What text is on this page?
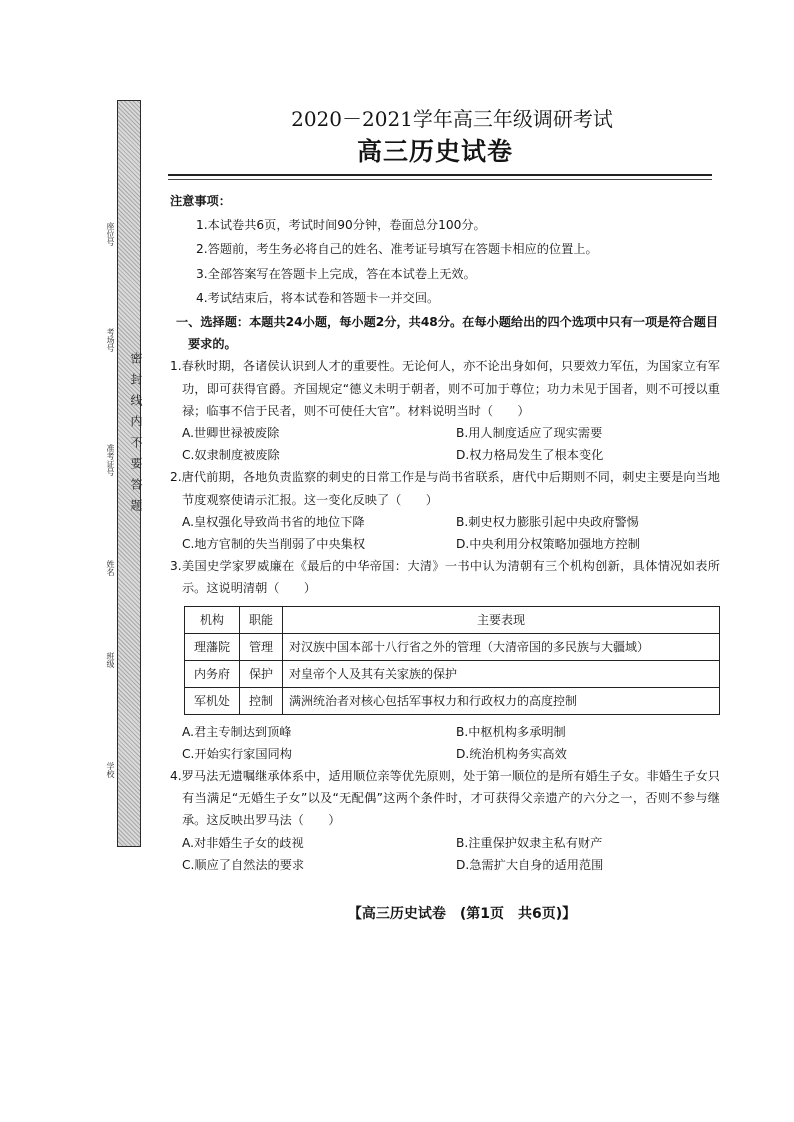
座位号
考场号
准考证号
姓名
班级
学校
密封线内不要答题
2020－2021学年高三年级调研考试
高三历史试卷
注意事项：
1.本试卷共6页，考试时间90分钟，卷面总分100分。
2.答题前，考生务必将自己的姓名、准考证号填写在答题卡相应的位置上。
3.全部答案写在答题卡上完成，答在本试卷上无效。
4.考试结束后，将本试卷和答题卡一并交回。
一、选择题：本题共24小题，每小题2分，共48分。在每小题给出的四个选项中只有一项是符合题目要求的。
1.春秋时期，各诸侯认识到人才的重要性。无论何人，亦不论出身如何，只要效力军伍，为国家立有军功，即可获得官爵。齐国规定“德义未明于朝者，则不可加于尊位；功力未见于国者，则不可授以重禄；临事不信于民者，则不可使任大官”。材料说明当时（　　）
A.世卿世禄被废除	B.用人制度适应了现实需要
C.奴隶制度被废除	D.权力格局发生了根本变化
2.唐代前期，各地负责监察的刺史的日常工作是与尚书省联系，唐代中后期则不同，刺史主要是向当地节度观察使请示汇报。这一变化反映了（　　）
A.皇权强化导致尚书省的地位下降	B.刺史权力膨胀引起中央政府警惕
C.地方官制的失当削弱了中央集权	D.中央利用分权策略加强地方控制
3.美国史学家罗威廉在《最后的中华帝国：大清》一书中认为清朝有三个机构创新，具体情况如表所示。这说明清朝（　　）
机构	职能	主要表现
理藩院	管理	对汉族中国本部十八行省之外的管理（大清帝国的多民族与大疆域）
内务府	保护	对皇帝个人及其有关家族的保护
军机处	控制	满洲统治者对核心包括军事权力和行政权力的高度控制
A.君主专制达到顶峰	B.中枢机构多承明制
C.开始实行家国同构	D.统治机构务实高效
4.罗马法无遗嘱继承体系中，适用顺位亲等优先原则，处于第一顺位的是所有婚生子女。非婚生子女只有当满足“无婚生子女”以及“无配偶”这两个条件时，才可获得父亲遗产的六分之一，否则不参与继承。这反映出罗马法（　　）
A.对非婚生子女的歧视	B.注重保护奴隶主私有财产
C.顺应了自然法的要求	D.急需扩大自身的适用范围
【高三历史试卷　(第1页　共6页)】
